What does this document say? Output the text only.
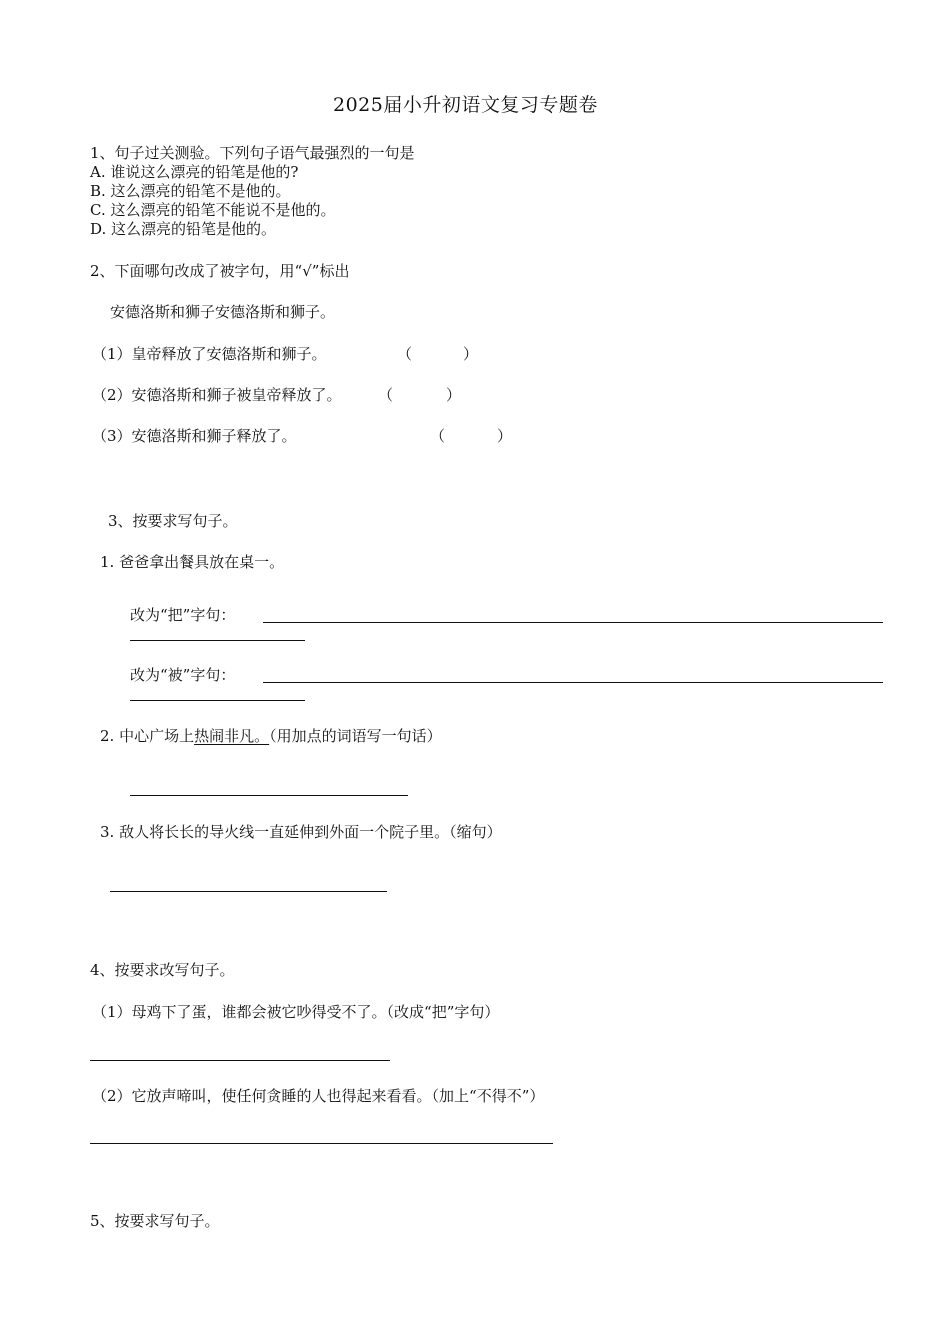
2025届小升初语文复习专题卷
1、句子过关测验。下列句子语气最强烈的一句是
A. 谁说这么漂亮的铅笔是他的?
B. 这么漂亮的铅笔不是他的。
C. 这么漂亮的铅笔不能说不是他的。
D. 这么漂亮的铅笔是他的。
2、下面哪句改成了被字句，用“√”标出
安德洛斯和狮子安德洛斯和狮子。
（1）皇帝释放了安德洛斯和狮子。	（	）
（2）安德洛斯和狮子被皇帝释放了。 （	）
（3）安德洛斯和狮子释放了。	（	）
3、按要求写句子。
1. 爸爸拿出餐具放在桌一。
改为“把”字句：
改为“被”字句：
2. 中心广场上热闹非凡。（用加点的词语写一句话）
3. 敌人将长长的导火线一直延伸到外面一个院子里。（缩句）
4、按要求改写句子。
（1）母鸡下了蛋，谁都会被它吵得受不了。（改成“把”字句）
（2）它放声啼叫，使任何贪睡的人也得起来看看。（加上“不得不”）
5、按要求写句子。
